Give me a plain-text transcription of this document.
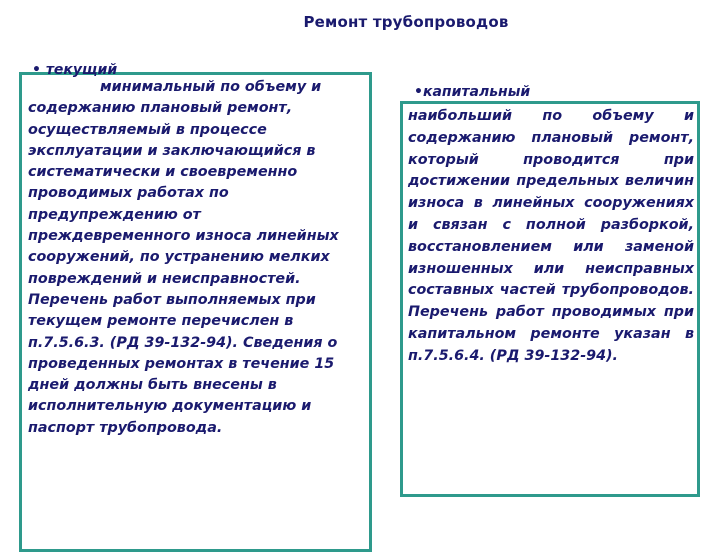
Ремонт трубопроводов
• текущий

минимальный по объему и содержанию плановый ремонт, осуществляемый в процессе эксплуатации и заключающийся в систематически и своевременно проводимых работах по предупреждению от преждевременного износа линейных сооружений, по устранению мелких повреждений и неисправностей. Перечень работ выполняемых при текущем ремонте перечислен в п.7.5.6.3. (РД 39-132-94). Сведения о проведенных ремонтах в течение 15 дней должны быть внесены в исполнительную документацию и паспорт трубопровода.

•капитальный

наибольший по объему и содержанию плановый ремонт, который проводится при достижении предельных величин износа в линейных сооружениях и связан с полной разборкой, восстановлением или заменой изношенных или неисправных составных частей трубопроводов. Перечень работ проводимых при капитальном ремонте указан в п.7.5.6.4. (РД 39-132-94).
